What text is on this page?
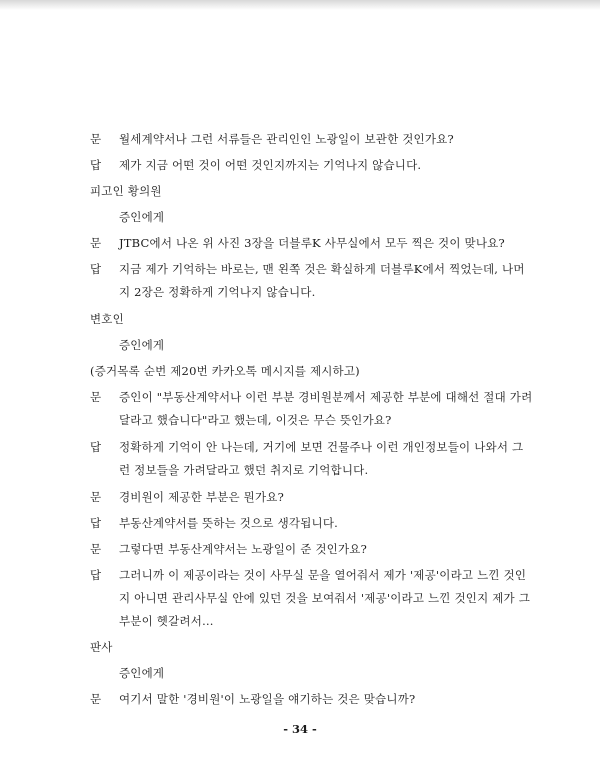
문 월세계약서나 그런 서류들은 관리인인 노광일이 보관한 것인가요?
답 제가 지금 어떤 것이 어떤 것인지까지는 기억나지 않습니다.
피고인 황의원
증인에게
문 JTBC에서 나온 위 사진 3장을 더블루K 사무실에서 모두 찍은 것이 맞나요?
답 지금 제가 기억하는 바로는, 맨 왼쪽 것은 확실하게 더블루K에서 찍었는데, 나머
지 2장은 정확하게 기억나지 않습니다.
변호인
증인에게
(증거목록 순번 제20번 카카오톡 메시지를 제시하고)
문 증인이 "부동산계약서나 이런 부분 경비원분께서 제공한 부분에 대해선 절대 가려
달라고 했습니다"라고 했는데, 이것은 무슨 뜻인가요?
답 정확하게 기억이 안 나는데, 거기에 보면 건물주나 이런 개인정보들이 나와서 그
런 정보들을 가려달라고 했던 취지로 기억합니다.
문 경비원이 제공한 부분은 뭔가요?
답 부동산계약서를 뜻하는 것으로 생각됩니다.
문 그렇다면 부동산계약서는 노광일이 준 것인가요?
답 그러니까 이 제공이라는 것이 사무실 문을 열어줘서 제가 '제공'이라고 느낀 것인
지 아니면 관리사무실 안에 있던 것을 보여줘서 '제공'이라고 느낀 것인지 제가 그
부분이 헷갈려서…
판사
증인에게
문 여기서 말한 '경비원'이 노광일을 얘기하는 것은 맞습니까?
- 34 -
